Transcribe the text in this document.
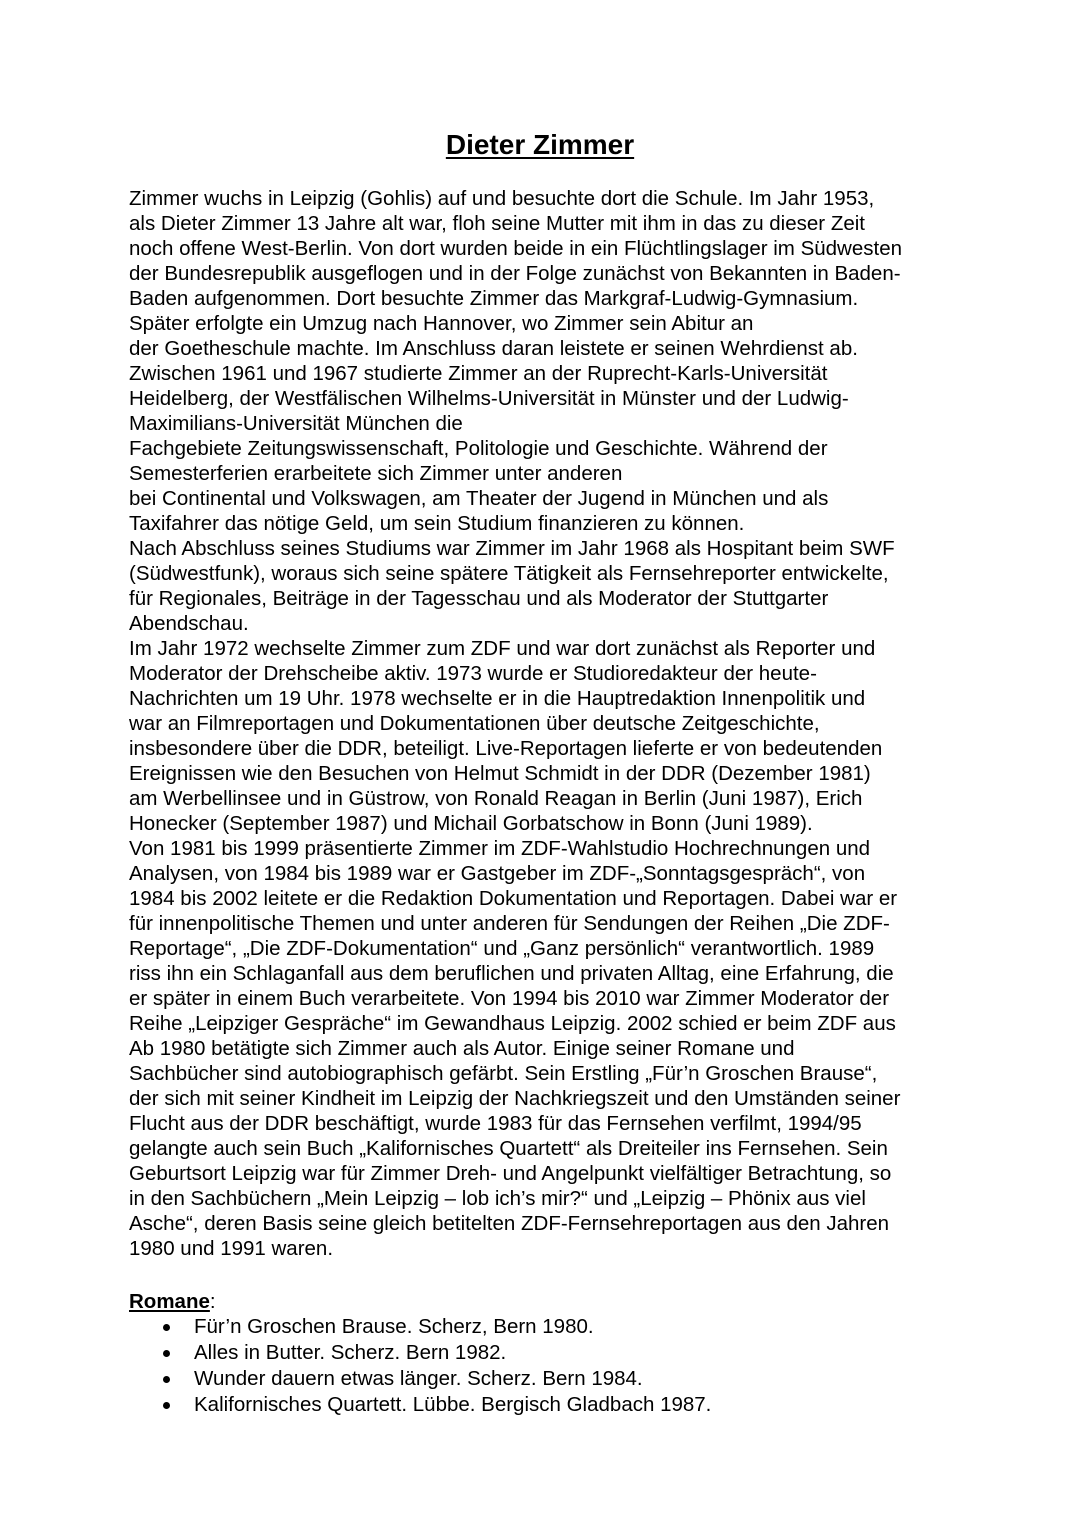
Dieter Zimmer
Zimmer wuchs in Leipzig (Gohlis) auf und besuchte dort die Schule. Im Jahr 1953,
als Dieter Zimmer 13 Jahre alt war, floh seine Mutter mit ihm in das zu dieser Zeit
noch offene West-Berlin. Von dort wurden beide in ein Flüchtlingslager im Südwesten
der Bundesrepublik ausgeflogen und in der Folge zunächst von Bekannten in Baden-
Baden aufgenommen. Dort besuchte Zimmer das Markgraf-Ludwig-Gymnasium.
Später erfolgte ein Umzug nach Hannover, wo Zimmer sein Abitur an
der Goetheschule machte. Im Anschluss daran leistete er seinen Wehrdienst ab.
Zwischen 1961 und 1967 studierte Zimmer an der Ruprecht-Karls-Universität
Heidelberg, der Westfälischen Wilhelms-Universität in Münster und der Ludwig-
Maximilians-Universität München die
Fachgebiete Zeitungswissenschaft, Politologie und Geschichte. Während der
Semesterferien erarbeitete sich Zimmer unter anderen
bei Continental und Volkswagen, am Theater der Jugend in München und als
Taxifahrer das nötige Geld, um sein Studium finanzieren zu können.
Nach Abschluss seines Studiums war Zimmer im Jahr 1968 als Hospitant beim SWF
(Südwestfunk), woraus sich seine spätere Tätigkeit als Fernsehreporter entwickelte,
für Regionales, Beiträge in der Tagesschau und als Moderator der Stuttgarter
Abendschau.
Im Jahr 1972 wechselte Zimmer zum ZDF und war dort zunächst als Reporter und
Moderator der Drehscheibe aktiv. 1973 wurde er Studioredakteur der heute-
Nachrichten um 19 Uhr. 1978 wechselte er in die Hauptredaktion Innenpolitik und
war an Filmreportagen und Dokumentationen über deutsche Zeitgeschichte,
insbesondere über die DDR, beteiligt. Live-Reportagen lieferte er von bedeutenden
Ereignissen wie den Besuchen von Helmut Schmidt in der DDR (Dezember 1981)
am Werbellinsee und in Güstrow, von Ronald Reagan in Berlin (Juni 1987), Erich
Honecker (September 1987) und Michail Gorbatschow in Bonn (Juni 1989).
Von 1981 bis 1999 präsentierte Zimmer im ZDF-Wahlstudio Hochrechnungen und
Analysen, von 1984 bis 1989 war er Gastgeber im ZDF-„Sonntagsgespräch“, von
1984 bis 2002 leitete er die Redaktion Dokumentation und Reportagen. Dabei war er
für innenpolitische Themen und unter anderen für Sendungen der Reihen „Die ZDF-
Reportage“, „Die ZDF-Dokumentation“ und „Ganz persönlich“ verantwortlich. 1989
riss ihn ein Schlaganfall aus dem beruflichen und privaten Alltag, eine Erfahrung, die
er später in einem Buch verarbeitete. Von 1994 bis 2010 war Zimmer Moderator der
Reihe „Leipziger Gespräche“ im Gewandhaus Leipzig. 2002 schied er beim ZDF aus
Ab 1980 betätigte sich Zimmer auch als Autor. Einige seiner Romane und
Sachbücher sind autobiographisch gefärbt. Sein Erstling „Für’n Groschen Brause“,
der sich mit seiner Kindheit im Leipzig der Nachkriegszeit und den Umständen seiner
Flucht aus der DDR beschäftigt, wurde 1983 für das Fernsehen verfilmt, 1994/95
gelangte auch sein Buch „Kalifornisches Quartett“ als Dreiteiler ins Fernsehen. Sein
Geburtsort Leipzig war für Zimmer Dreh- und Angelpunkt vielfältiger Betrachtung, so
in den Sachbüchern „Mein Leipzig – lob ich’s mir?“ und „Leipzig – Phönix aus viel
Asche“, deren Basis seine gleich betitelten ZDF-Fernsehreportagen aus den Jahren
1980 und 1991 waren.
Romane:
Für’n Groschen Brause. Scherz, Bern 1980.
Alles in Butter. Scherz. Bern 1982.
Wunder dauern etwas länger. Scherz. Bern 1984.
Kalifornisches Quartett. Lübbe. Bergisch Gladbach 1987.
